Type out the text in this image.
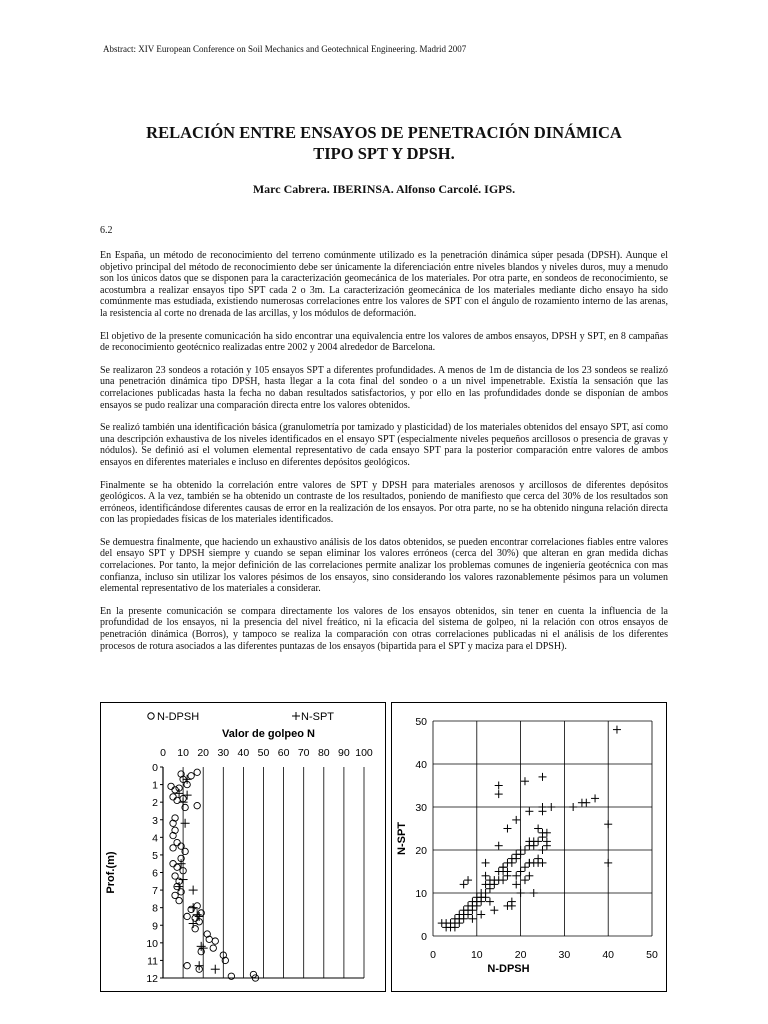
Abstract: XIV European Conference on Soil Mechanics and Geotechnical Engineering. Madrid 2007
RELACIÓN ENTRE ENSAYOS DE PENETRACIÓN DINÁMICA
TIPO SPT Y DPSH.
Marc Cabrera. IBERINSA. Alfonso Carcolé. IGPS.
6.2

En España, un método de reconocimiento del terreno comúnmente utilizado es la penetración dinámica súper pesada (DPSH). Aunque el objetivo principal del método de reconocimiento debe ser únicamente la diferenciación entre niveles blandos y niveles duros, muy a menudo son los únicos datos que se disponen para la caracterización geomecánica de los materiales. Por otra parte, en sondeos de reconocimiento, se acostumbra a realizar ensayos tipo SPT cada 2 o 3m. La caracterización geomecánica de los materiales mediante dicho ensayo ha sido comúnmente mas estudiada, existiendo numerosas correlaciones entre los valores de SPT con el ángulo de rozamiento interno de las arenas, la resistencia al corte no drenada de las arcillas, y los módulos de deformación.

El objetivo de la presente comunicación ha sido encontrar una equivalencia entre los valores de ambos ensayos, DPSH y SPT, en 8 campañas de reconocimiento geotécnico realizadas entre 2002 y 2004 alrededor de Barcelona.

Se realizaron 23 sondeos a rotación y 105 ensayos SPT a diferentes profundidades. A menos de 1m de distancia de los 23 sondeos se realizó una penetración dinámica tipo DPSH, hasta llegar a la cota final del sondeo o a un nivel impenetrable. Existía la sensación que las correlaciones publicadas hasta la fecha no daban resultados satisfactorios, y por ello en las profundidades donde se disponían de ambos ensayos se pudo realizar una comparación directa entre los valores obtenidos.

Se realizó también una identificación básica (granulometría por tamizado y plasticidad) de los materiales obtenidos del ensayo SPT, así como una descripción exhaustiva de los niveles identificados en el ensayo SPT (especialmente niveles pequeños arcillosos o presencia de gravas y nódulos). Se definió así el volumen elemental representativo de cada ensayo SPT para la posterior comparación entre valores de ambos ensayos en diferentes materiales e incluso en diferentes depósitos geológicos.

Finalmente se ha obtenido la correlación entre valores de SPT y DPSH para materiales arenosos y arcillosos de diferentes depósitos geológicos. A la vez, también se ha obtenido un contraste de los resultados, poniendo de manifiesto que cerca del 30% de los resultados son erróneos, identificándose diferentes causas de error en la realización de los ensayos. Por otra parte, no se ha obtenido ninguna relación directa con las propiedades físicas de los materiales identificados.

Se demuestra finalmente, que haciendo un exhaustivo análisis de los datos obtenidos, se pueden encontrar correlaciones fiables entre valores del ensayo SPT y DPSH siempre y cuando se sepan eliminar los valores erróneos (cerca del 30%) que alteran en gran medida dichas correlaciones. Por tanto, la mejor definición de las correlaciones permite analizar los problemas comunes de ingeniería geotécnica con mas confianza, incluso sin utilizar los valores pésimos de los ensayos, sino considerando los valores razonablemente pésimos para un volumen elemental representativo de los materiales a considerar.

En la presente comunicación se compara directamente los valores de los ensayos obtenidos, sin tener en cuenta la influencia de la profundidad de los ensayos, ni la presencia del nivel freático, ni la eficacia del sistema de golpeo, ni la relación con otros ensayos de penetración dinámica (Borros), y tampoco se realiza la comparación con otras correlaciones publicadas ni el análisis de los diferentes procesos de rotura asociados a las diferentes puntazas de los ensayos (bipartida para el SPT y maciza para el DPSH).

N-DPSH	N-SPT
Valor de golpeo N
0 10 20 30 40 50 60 70 80 90 100
0
1
2
3
4
5
6
7
8
9
10
11
12
Prof.(m)
0	10	20	30	40	50
0
10
20
30
40
50
N-DPSH
N-SPT
